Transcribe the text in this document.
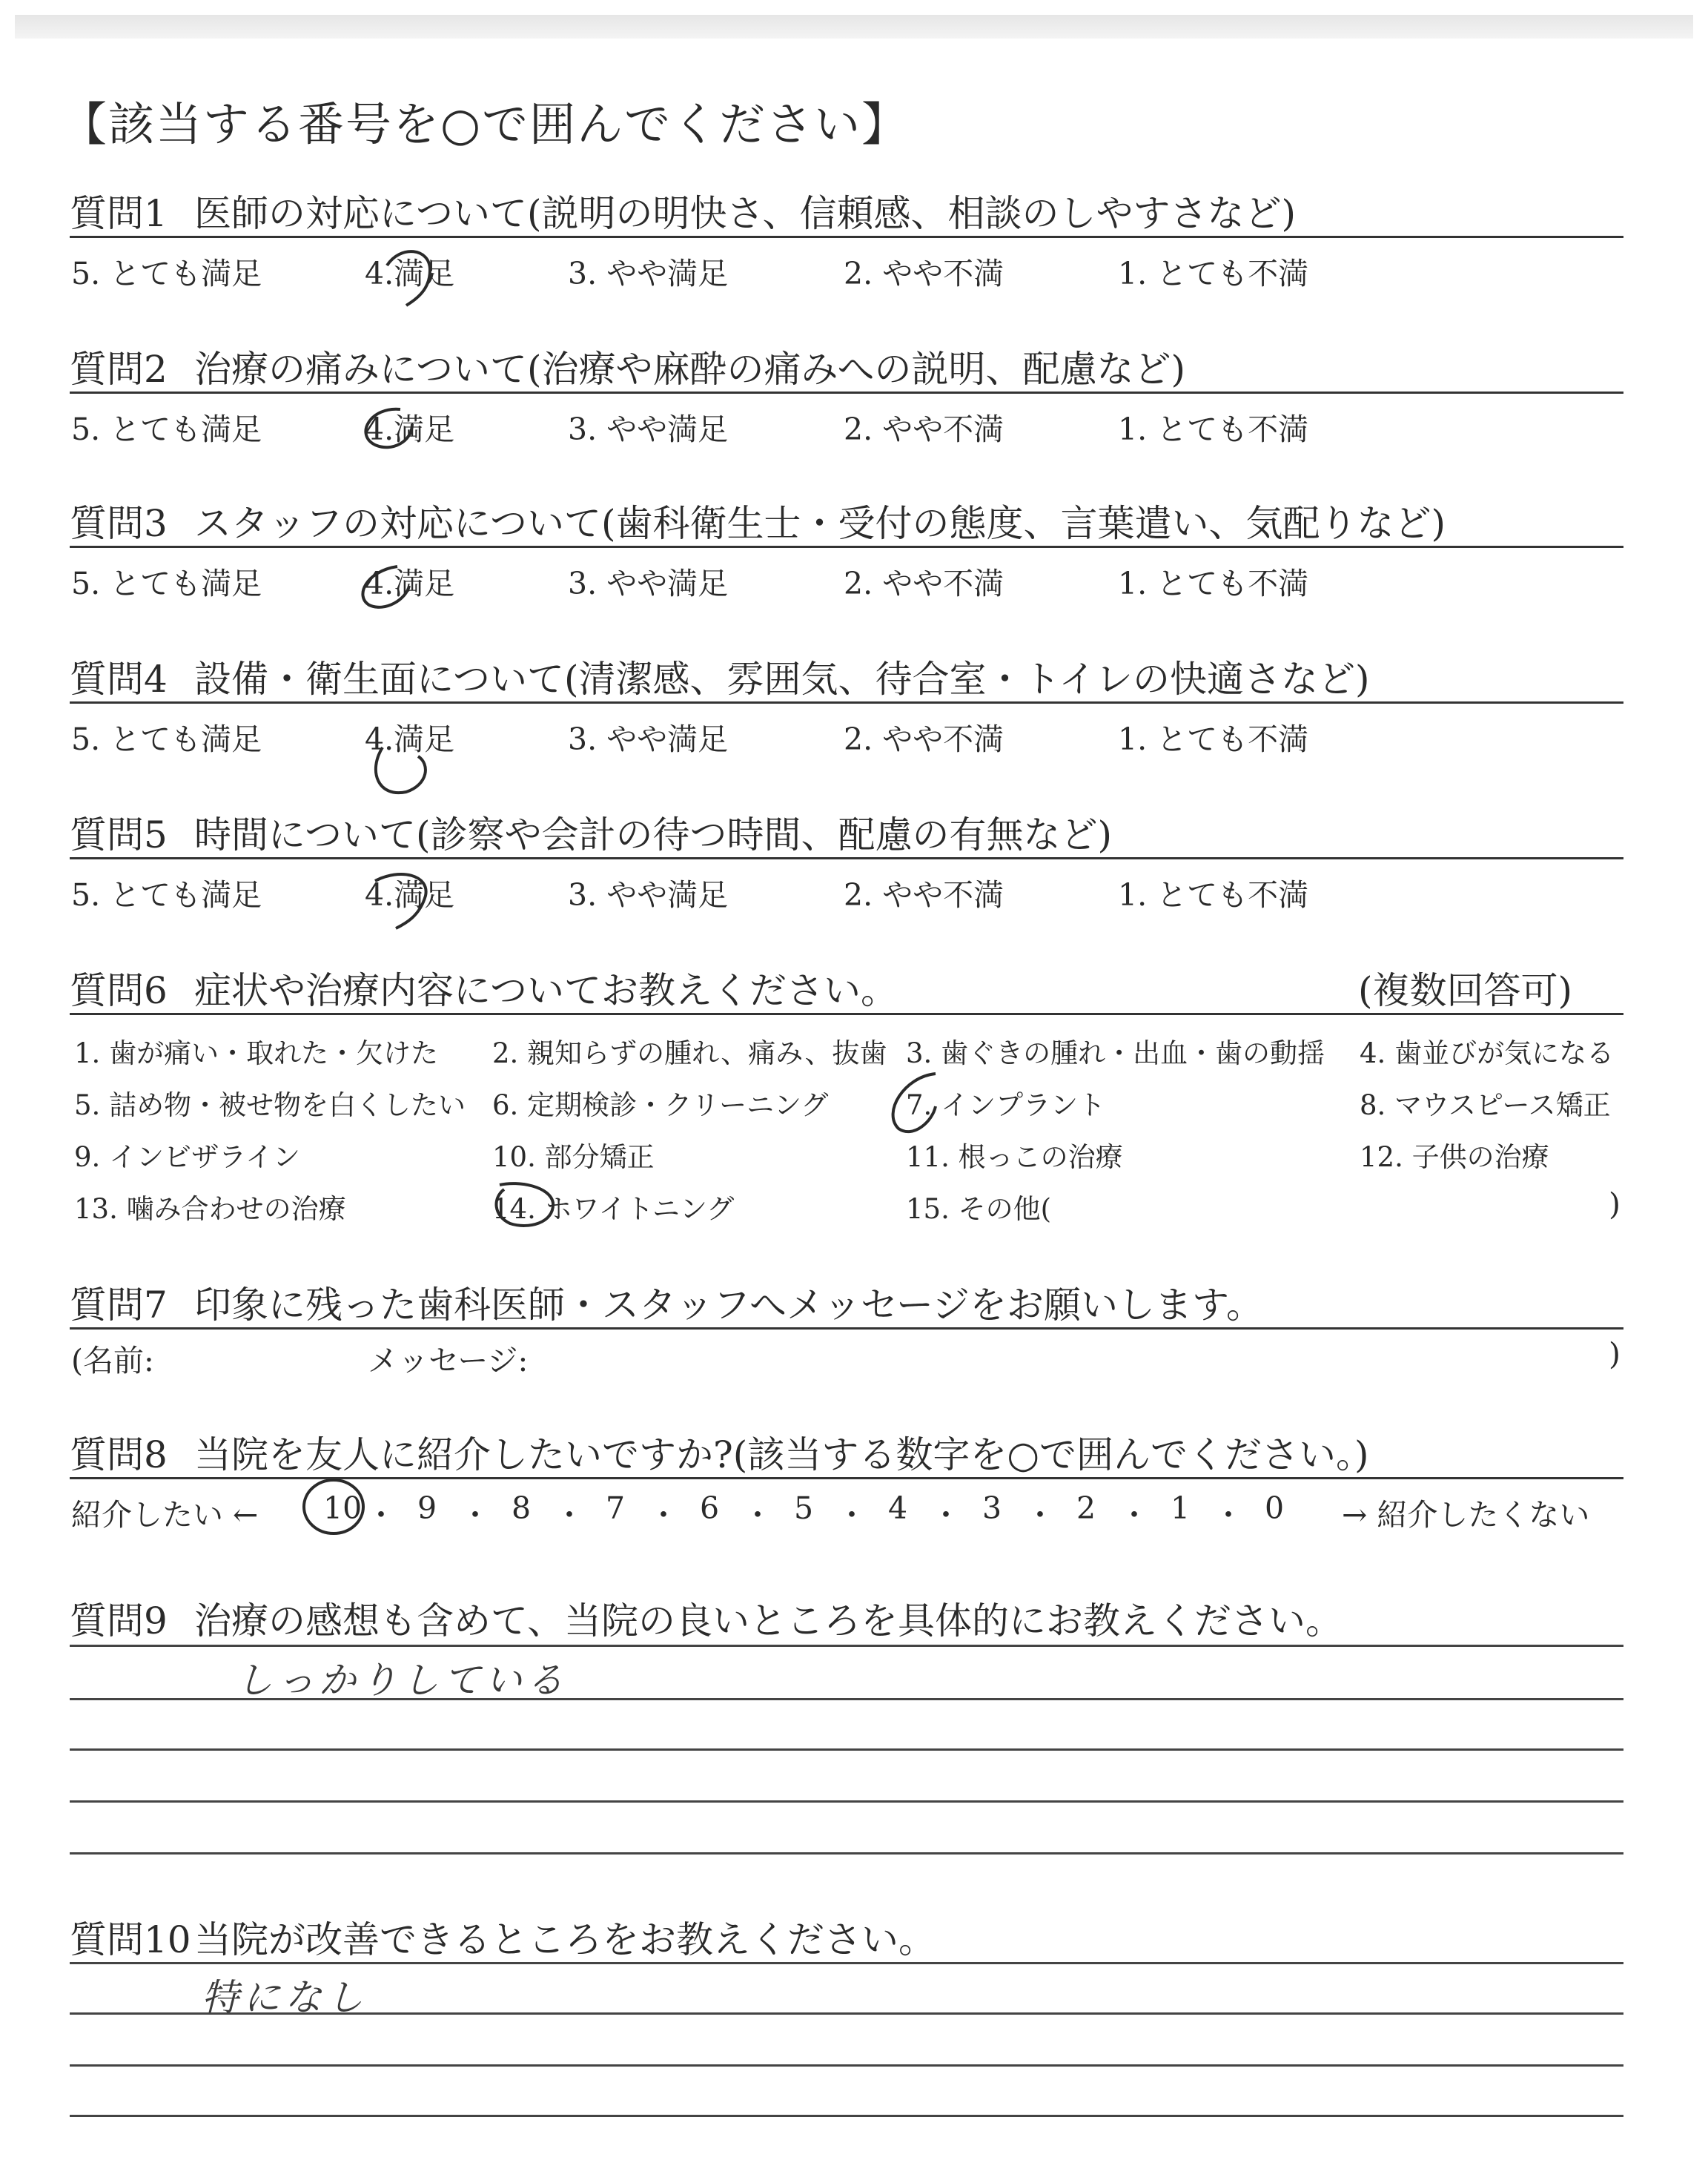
【該当する番号を○で囲んでください】
質問1 医師の対応について(説明の明快さ、信頼感、相談のしやすさなど)
5. とても満足	4.満足	3. やや満足	2. やや不満	1. とても不満
質問2 治療の痛みについて(治療や麻酔の痛みへの説明、配慮など)
5. とても満足	4.満足	3. やや満足	2. やや不満	1. とても不満
質問3 スタッフの対応について(歯科衛生士・受付の態度、言葉遣い、気配りなど)
5. とても満足	4.満足	3. やや満足	2. やや不満	1. とても不満
質問4 設備・衛生面について(清潔感、雰囲気、待合室・トイレの快適さなど)
5. とても満足	4.満足	3. やや満足	2. やや不満	1. とても不満
質問5 時間について(診察や会計の待つ時間、配慮の有無など)
5. とても満足	4.満足	3. やや満足	2. やや不満	1. とても不満
質問6 症状や治療内容についてお教えください。	(複数回答可)
1. 歯が痛い・取れた・欠けた 2. 親知らずの腫れ、痛み、抜歯 3. 歯ぐきの腫れ・出血・歯の動揺 4. 歯並びが気になる
5. 詰め物・被せ物を白くしたい 6. 定期検診・クリーニング	7. インプラント	8. マウスピース矯正
9. インビザライン	10. 部分矯正	11. 根っこの治療	12. 子供の治療
13. 噛み合わせの治療	14. ホワイトニング	15. その他(	)
質問7 印象に残った歯科医師・スタッフへメッセージをお願いします。
(名前:	メッセージ:	)
質問8 当院を友人に紹介したいですか?(該当する数字を○で囲んでください。)
紹介したい ←	→ 紹介したくない
10 ・ 9 ・ 8 ・ 7 ・ 6 ・ 5 ・ 4 ・ 3 ・ 2 ・ 1 ・ 0
質問9 治療の感想も含めて、当院の良いところを具体的にお教えください。
しっかりしている
質問10当院が改善できるところをお教えください。
特になし
